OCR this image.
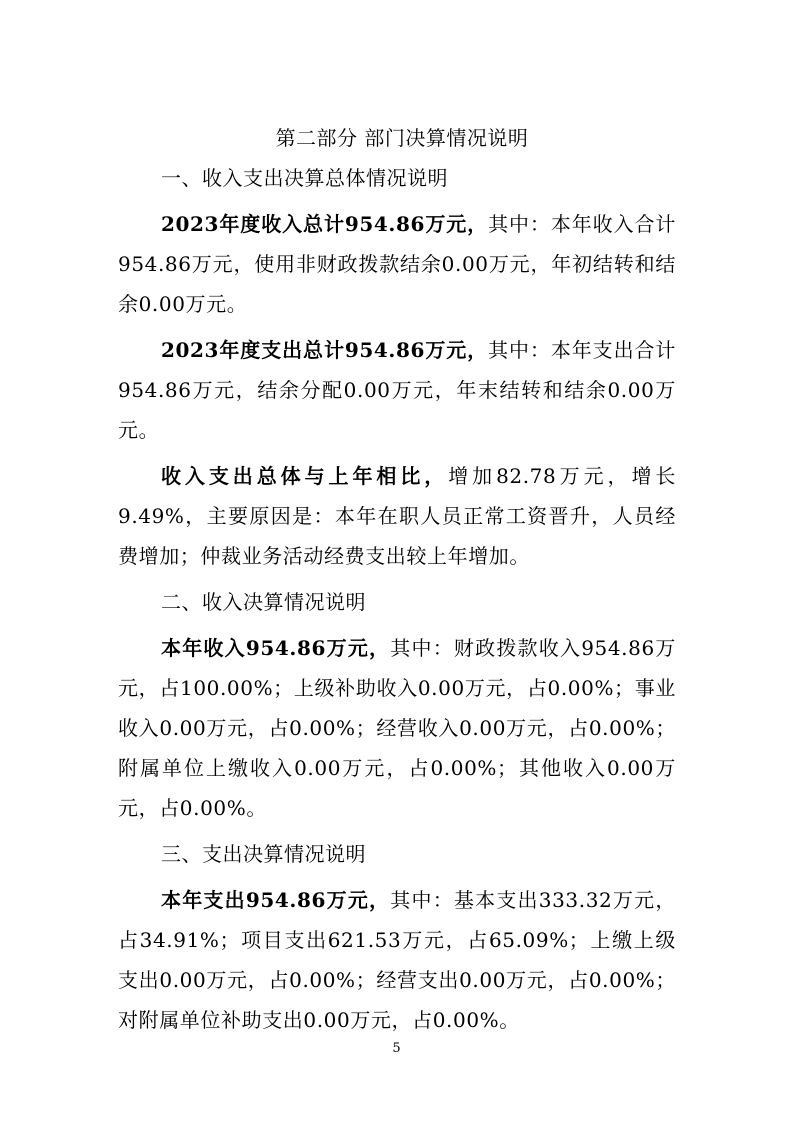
第二部分 部门决算情况说明
一、收入支出决算总体情况说明

2023年度收入总计954.86万元，其中：本年收入合计954.86万元，使用非财政拨款结余0.00万元，年初结转和结余0.00万元。

2023年度支出总计954.86万元，其中：本年支出合计954.86万元，结余分配0.00万元，年末结转和结余0.00万元。

收入支出总体与上年相比，增加82.78万元，增长9.49%，主要原因是：本年在职人员正常工资晋升，人员经费增加；仲裁业务活动经费支出较上年增加。

二、收入决算情况说明

本年收入954.86万元，其中：财政拨款收入954.86万元，占100.00%；上级补助收入0.00万元，占0.00%；事业收入0.00万元，占0.00%；经营收入0.00万元，占0.00%；附属单位上缴收入0.00万元，占0.00%；其他收入0.00万元，占0.00%。

三、支出决算情况说明

本年支出954.86万元，其中：基本支出333.32万元，占34.91%；项目支出621.53万元，占65.09%；上缴上级支出0.00万元，占0.00%；经营支出0.00万元，占0.00%；对附属单位补助支出0.00万元，占0.00%。

5
